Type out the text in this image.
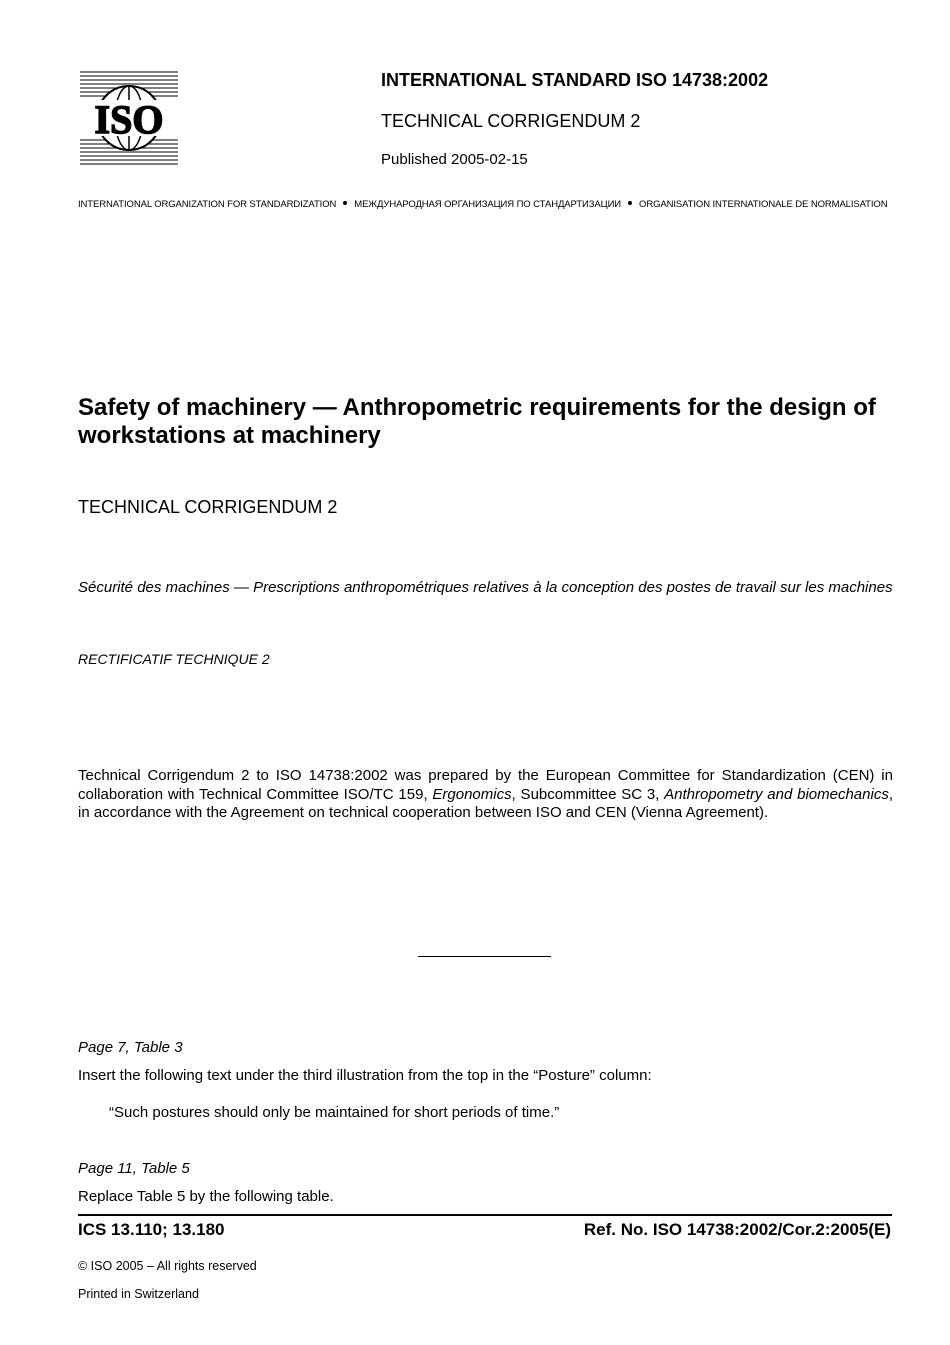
ISO
INTERNATIONAL STANDARD ISO 14738:2002
TECHNICAL CORRIGENDUM 2
Published 2005-02-15
INTERNATIONAL ORGANIZATION FOR STANDARDIZATION МЕЖДУНАРОДНАЯ ОРГАНИЗАЦИЯ ПО СТАНДАРТИЗАЦИИ ORGANISATION INTERNATIONALE DE NORMALISATION
Safety of machinery — Anthropometric requirements for the design of workstations at machinery
TECHNICAL CORRIGENDUM 2
Sécurité des machines — Prescriptions anthropométriques relatives à la conception des postes de travail sur les machines
RECTIFICATIF TECHNIQUE 2
Technical Corrigendum 2 to ISO 14738:2002 was prepared by the European Committee for Standardization (CEN) in collaboration with Technical Committee ISO/TC 159, Ergonomics, Subcommittee SC 3, Anthropometry and biomechanics, in accordance with the Agreement on technical cooperation between ISO and CEN (Vienna Agreement).
Page 7, Table 3
Insert the following text under the third illustration from the top in the “Posture” column:
“Such postures should only be maintained for short periods of time.”
Page 11, Table 5
Replace Table 5 by the following table.
ICS 13.110; 13.180	Ref. No. ISO 14738:2002/Cor.2:2005(E)
© ISO 2005 – All rights reserved
Printed in Switzerland
